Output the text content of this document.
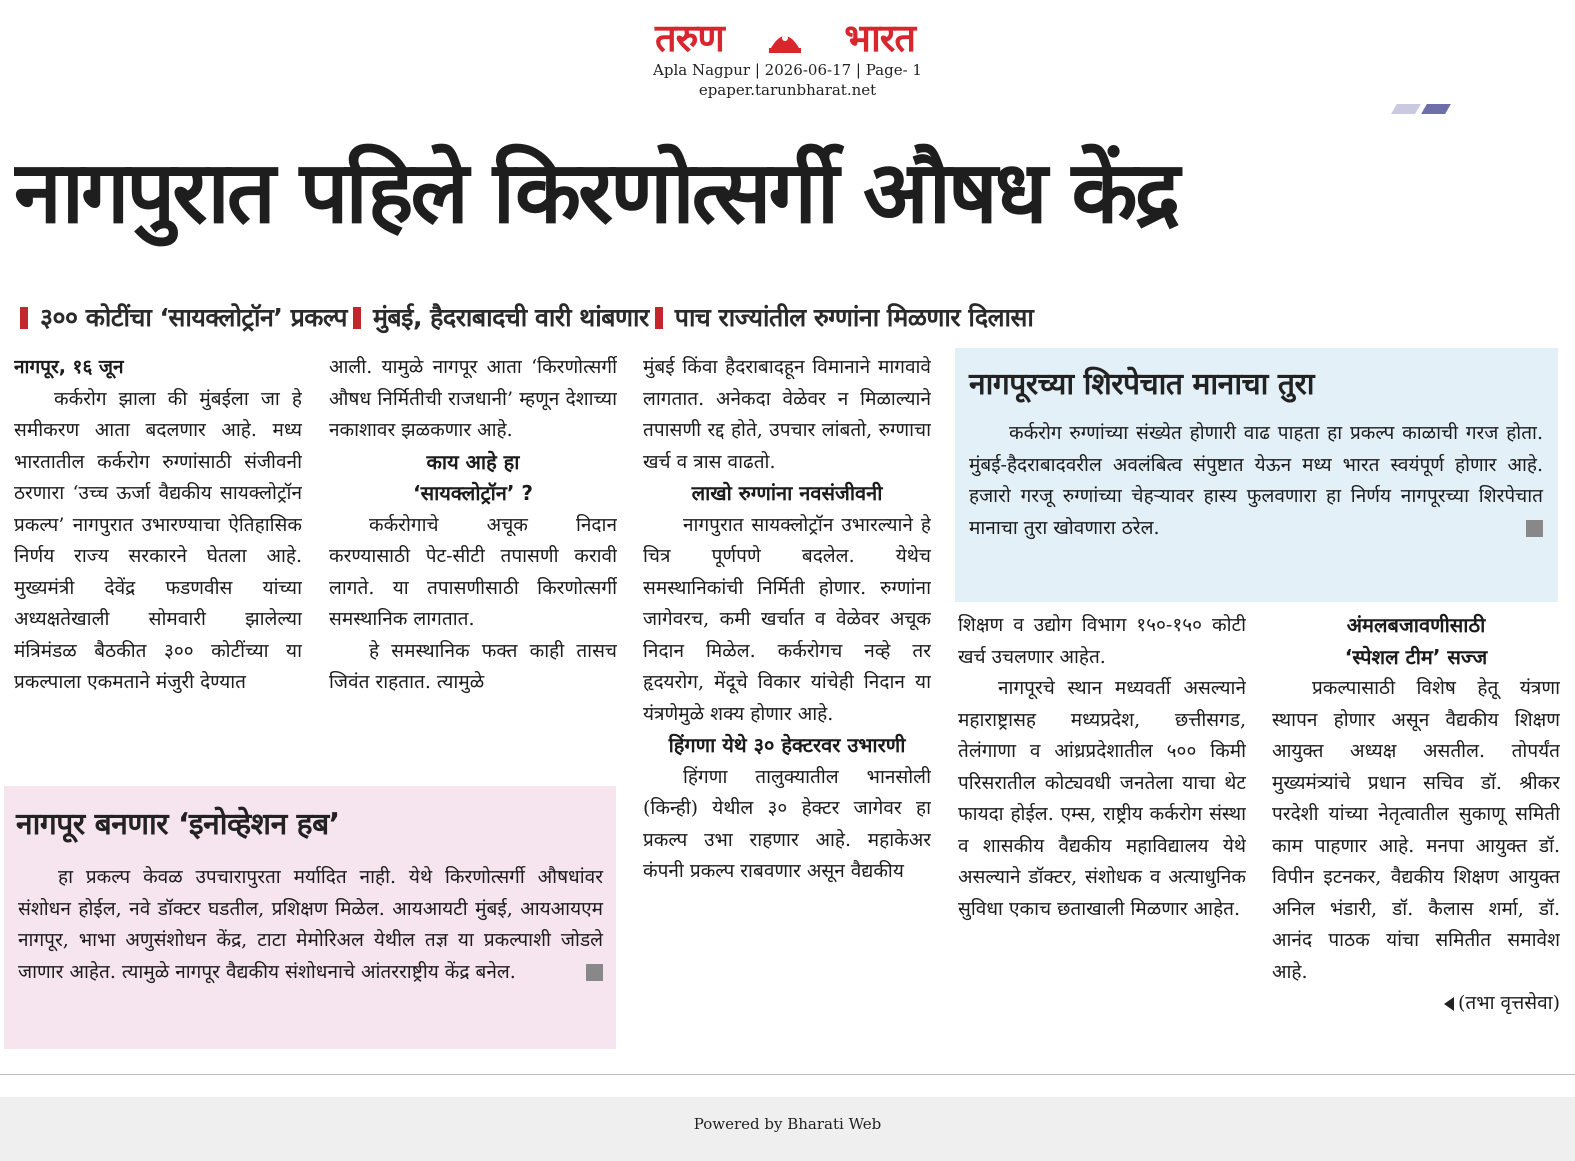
तरुण	भारत
Apla Nagpur | 2026-06-17 | Page- 1
epaper.tarunbharat.net
नागपुरात पहिले किरणोत्सर्गी औषध केंद्र
३०० कोटींचा ‘सायक्लोट्रॉन’ प्रकल्प मुंबई, हैदराबादची वारी थांबणार पाच राज्यांतील रुग्णांना मिळणार दिलासा

नागपूर, १६ जून

कर्करोग झाला की मुंबईला जा हे समीकरण आता बदलणार आहे. मध्य भारतातील कर्करोग रुग्णांसाठी संजीवनी ठरणारा ‘उच्च ऊर्जा वैद्यकीय सायक्लोट्रॉन प्रकल्प’ नागपुरात उभारण्याचा ऐतिहासिक निर्णय राज्य सरकारने घेतला आहे. मुख्यमंत्री देवेंद्र फडणवीस यांच्या अध्यक्षतेखाली सोमवारी झालेल्या मंत्रिमंडळ बैठकीत ३०० कोटींच्या या प्रकल्पाला एकमताने मंजुरी देण्यात

आली. यामुळे नागपूर आता ‘किरणोत्सर्गी औषध निर्मितीची राजधानी’ म्हणून देशाच्या नकाशावर झळकणार आहे.

काय आहे हा

‘सायक्लोट्रॉन’ ?

कर्करोगाचे अचूक निदान करण्यासाठी पेट-सीटी तपासणी करावी लागते. या तपासणीसाठी किरणोत्सर्गी समस्थानिक लागतात.

हे समस्थानिक फक्त काही तासच जिवंत राहतात. त्यामुळे

मुंबई किंवा हैदराबादहून विमानाने मागवावे लागतात. अनेकदा वेळेवर न मिळाल्याने तपासणी रद्द होते, उपचार लांबतो, रुग्णाचा खर्च व त्रास वाढतो.

लाखो रुग्णांना नवसंजीवनी

नागपुरात सायक्लोट्रॉन उभारल्याने हे चित्र पूर्णपणे बदलेल. येथेच समस्थानिकांची निर्मिती होणार. रुग्णांना जागेवरच, कमी खर्चात व वेळेवर अचूक निदान मिळेल. कर्करोगच नव्हे तर हृदयरोग, मेंदूचे विकार यांचेही निदान या यंत्रणेमुळे शक्य होणार आहे.

हिंगणा येथे ३० हेक्टरवर उभारणी

हिंगणा तालुक्यातील भानसोली (किन्ही) येथील ३० हेक्टर जागेवर हा प्रकल्प उभा राहणार आहे. महाकेअर कंपनी प्रकल्प राबवणार असून वैद्यकीय

शिक्षण व उद्योग विभाग १५०-१५० कोटी खर्च उचलणार आहेत.

नागपूरचे स्थान मध्यवर्ती असल्याने महाराष्ट्रासह मध्यप्रदेश, छत्तीसगड, तेलंगाणा व आंध्रप्रदेशातील ५०० किमी परिसरातील कोट्यवधी जनतेला याचा थेट फायदा होईल. एम्स, राष्ट्रीय कर्करोग संस्था व शासकीय वैद्यकीय महाविद्यालय येथे असल्याने डॉक्टर, संशोधक व अत्याधुनिक सुविधा एकाच छताखाली मिळणार आहेत.

अंमलबजावणीसाठी

‘स्पेशल टीम’ सज्ज

प्रकल्पासाठी विशेष हेतू यंत्रणा स्थापन होणार असून वैद्यकीय शिक्षण आयुक्त अध्यक्ष असतील. तोपर्यंत मुख्यमंत्र्यांचे प्रधान सचिव डॉ. श्रीकर परदेशी यांच्या नेतृत्वातील सुकाणू समिती काम पाहणार आहे. मनपा आयुक्त डॉ. विपीन इटनकर, वैद्यकीय शिक्षण आयुक्त अनिल भंडारी, डॉ. कैलास शर्मा, डॉ. आनंद पाठक यांचा समितीत समावेश आहे.

(तभा वृत्तसेवा)

नागपूरच्या शिरपेचात मानाचा तुरा
कर्करोग रुग्णांच्या संख्येत होणारी वाढ पाहता हा प्रकल्प काळाची गरज होता. मुंबई-हैदराबादवरील अवलंबित्व संपुष्टात येऊन मध्य भारत स्वयंपूर्ण होणार आहे. हजारो गरजू रुग्णांच्या चेहऱ्यावर हास्य फुलवणारा हा निर्णय नागपूरच्या शिरपेचात मानाचा तुरा खोवणारा ठरेल.
नागपूर बनणार ‘इनोव्हेशन हब’
हा प्रकल्प केवळ उपचारापुरता मर्यादित नाही. येथे किरणोत्सर्गी औषधांवर संशोधन होईल, नवे डॉक्टर घडतील, प्रशिक्षण मिळेल. आयआयटी मुंबई, आयआयएम नागपूर, भाभा अणुसंशोधन केंद्र, टाटा मेमोरिअल येथील तज्ञ या प्रकल्पाशी जोडले जाणार आहेत. त्यामुळे नागपूर वैद्यकीय संशोधनाचे आंतरराष्ट्रीय केंद्र बनेल.
Powered by Bharati Web
